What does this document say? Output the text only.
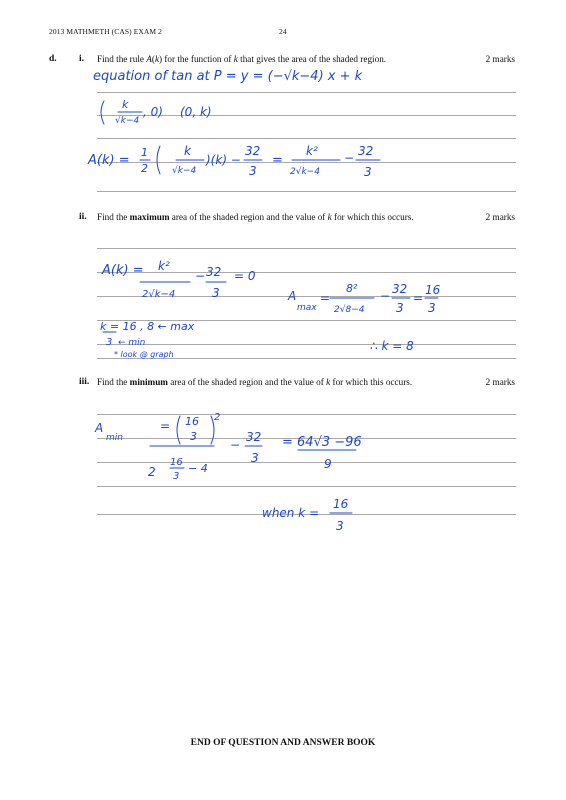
2013 MATHMETH (CAS) EXAM 2	24
d. i. Find the rule A(k) for the function of k that gives the area of the shaded region.	2 marks
ii. Find the maximum area of the shaded region and the value of k for which this occurs.	2 marks
iii. Find the minimum area of the shaded region and the value of k for which this occurs.	2 marks
equation of tan at P = y = (−√k−4) x + k
k
√k−4
, 0) (0, k)
A(k) =
1
2
k
√k−4
)(k) −
32
3
=
k²
2√k−4
− 32
3
A(k) = k²
2√k−4
− 32
3
= 0
A
max
=
8²
2√8−4
− 32
3
=
16
3
k = 16 , 8 ← max
3 ← min
* look @ graph
∴ k = 8
A
min
= 16
3
2
2
16
3
− 4
−
32
3
= 64√3 −96
9
when k =
16
3
END OF QUESTION AND ANSWER BOOK
